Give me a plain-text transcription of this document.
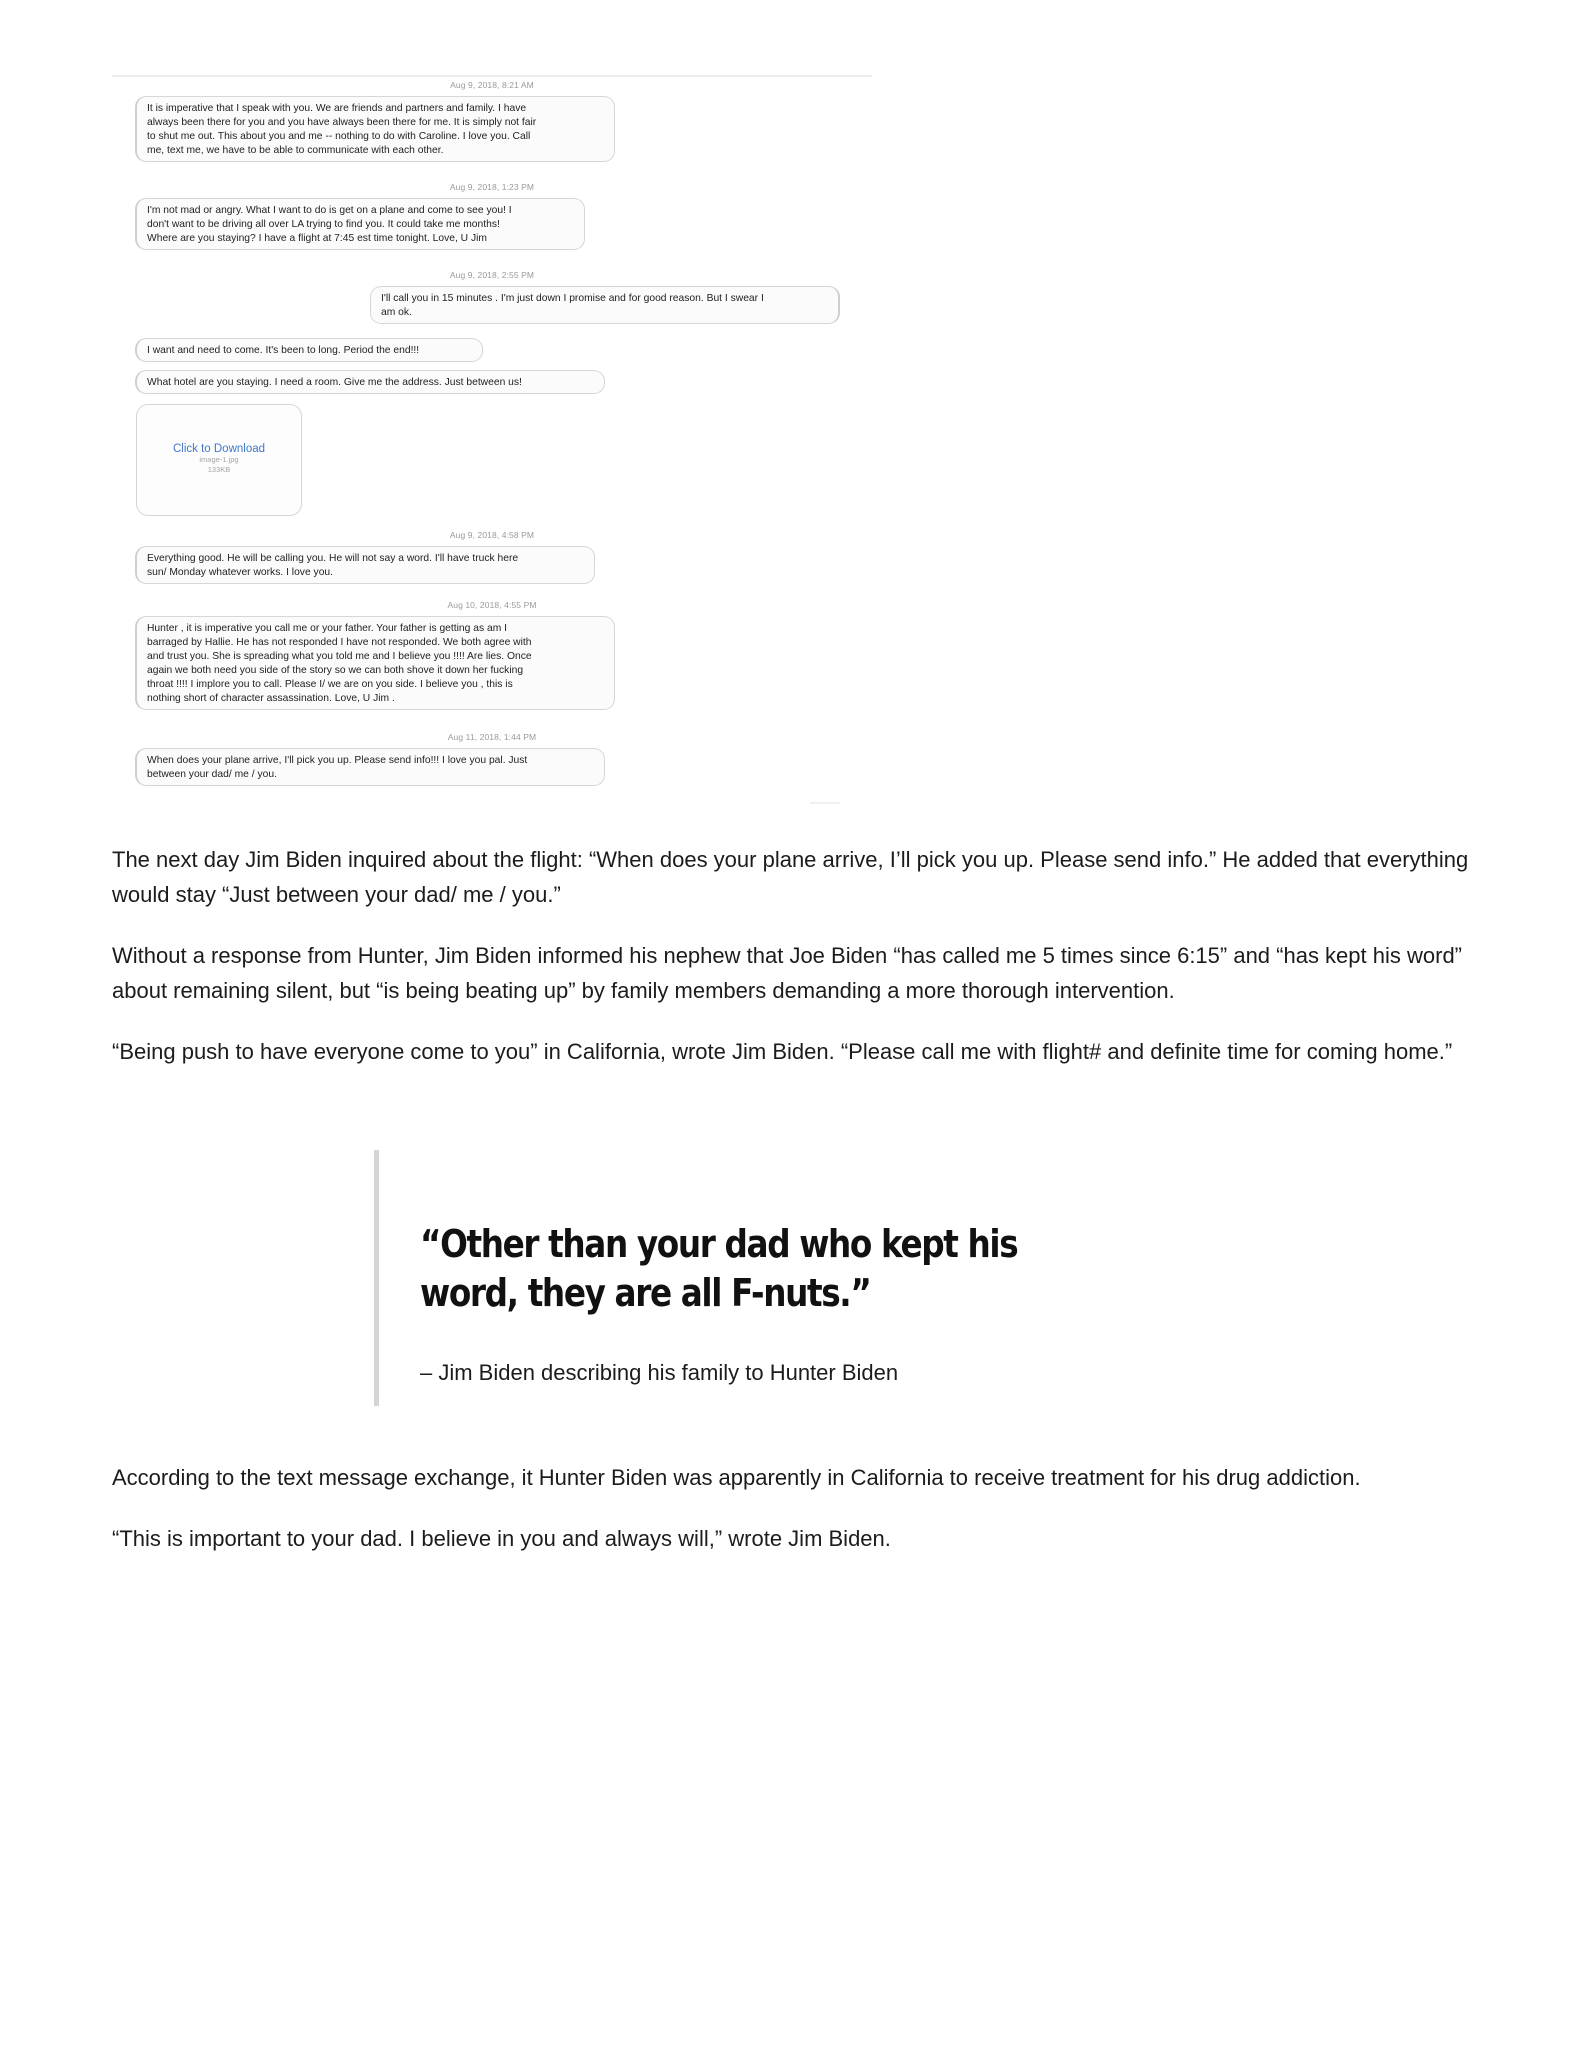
Aug 9, 2018, 8:21 AM
It is imperative that I speak with you. We are friends and partners and family. I have
always been there for you and you have always been there for me. It is simply not fair
to shut me out. This about you and me -- nothing to do with Caroline. I love you. Call
me, text me, we have to be able to communicate with each other.
Aug 9, 2018, 1:23 PM
I'm not mad or angry. What I want to do is get on a plane and come to see you! I
don't want to be driving all over LA trying to find you. It could take me months!
Where are you staying? I have a flight at 7:45 est time tonight. Love, U Jim
Aug 9, 2018, 2:55 PM
I'll call you in 15 minutes . I'm just down I promise and for good reason. But I swear I
am ok.
I want and need to come. It's been to long. Period the end!!!
What hotel are you staying. I need a room. Give me the address. Just between us!
Click to Download
image-1.jpg
133KB
Aug 9, 2018, 4:58 PM
Everything good. He will be calling you. He will not say a word. I'll have truck here
sun/ Monday whatever works. I love you.
Aug 10, 2018, 4:55 PM
Hunter , it is imperative you call me or your father. Your father is getting as am I
barraged by Hallie. He has not responded I have not responded. We both agree with
and trust you. She is spreading what you told me and I believe you !!!! Are lies. Once
again we both need you side of the story so we can both shove it down her fucking
throat !!!! I implore you to call. Please I/ we are on you side. I believe you , this is
nothing short of character assassination. Love, U Jim .
Aug 11, 2018, 1:44 PM
When does your plane arrive, I'll pick you up. Please send info!!! I love you pal. Just
between your dad/ me / you.

The next day Jim Biden inquired about the flight: “When does your plane arrive, I’ll pick you up. Please send info.” He added that everything would stay “Just between your dad/ me / you.”

Without a response from Hunter, Jim Biden informed his nephew that Joe Biden “has called me 5 times since 6:15” and “has kept his word” about remaining silent, but “is being beating up” by family members demanding a more thorough intervention.

“Being push to have everyone come to you” in California, wrote Jim Biden. “Please call me with flight# and definite time for coming home.”

“Other than your dad who kept his word, they are all F-nuts.”

– Jim Biden describing his family to Hunter Biden

According to the text message exchange, it Hunter Biden was apparently in California to receive treatment for his drug addiction.

“This is important to your dad. I believe in you and always will,” wrote Jim Biden.
